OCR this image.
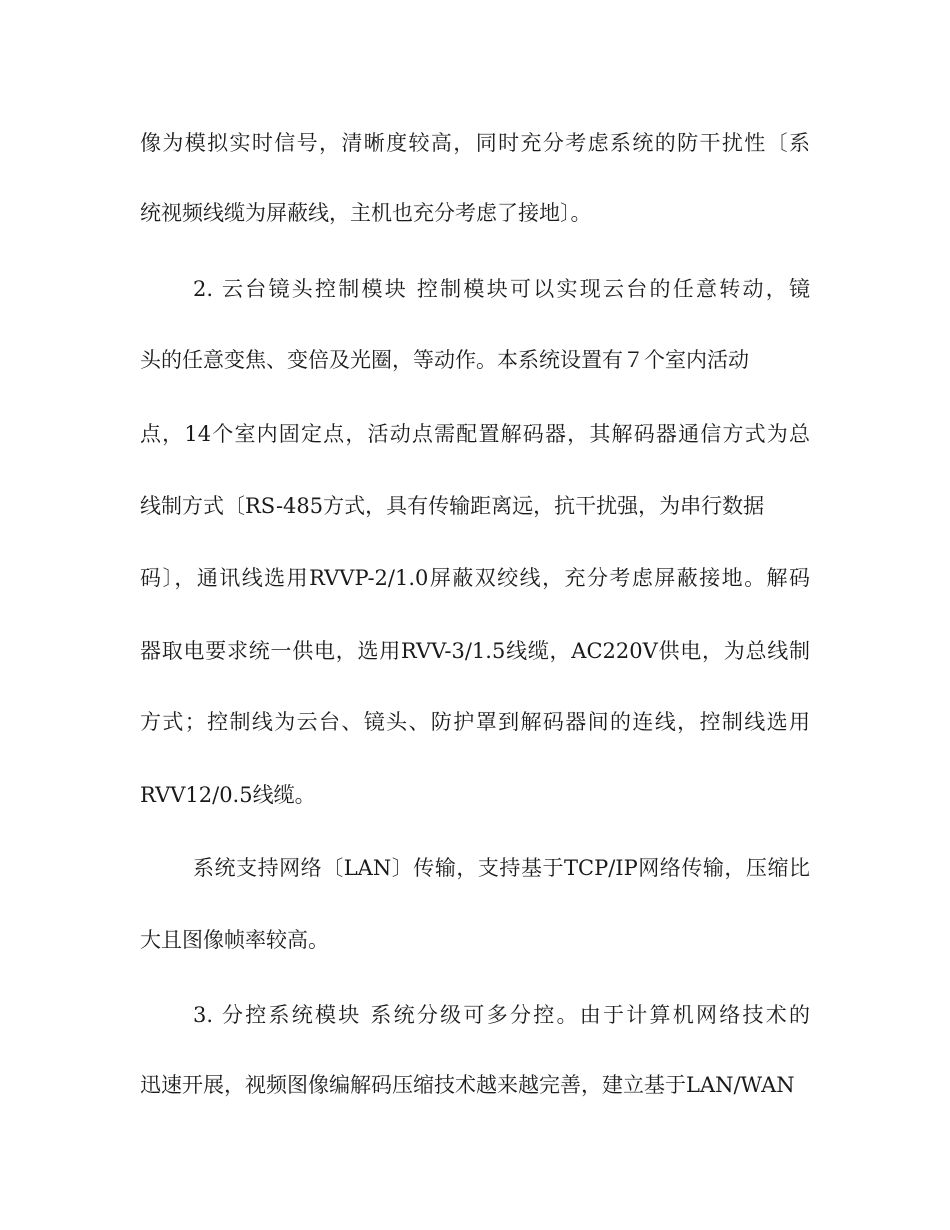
像为模拟实时信号，清晰度较高，同时充分考虑系统的防干扰性〔系
统视频线缆为屏蔽线，主机也充分考虑了接地〕。
2. 云台镜头控制模块 控制模块可以实现云台的任意转动，镜
头的任意变焦、变倍及光圈，等动作。本系统设置有７个室内活动
点，14个室内固定点，活动点需配置解码器，其解码器通信方式为总
线制方式〔RS-485方式，具有传输距离远，抗干扰强，为串行数据
码〕，通讯线选用RVVP-2/1.0屏蔽双绞线，充分考虑屏蔽接地。解码
器取电要求统一供电，选用RVV-3/1.5线缆，AC220V供电，为总线制
方式；控制线为云台、镜头、防护罩到解码器间的连线，控制线选用
RVV12/0.5线缆。
系统支持网络〔LAN〕传输，支持基于TCP/IP网络传输，压缩比
大且图像帧率较高。
3. 分控系统模块 系统分级可多分控。由于计算机网络技术的
迅速开展，视频图像编解码压缩技术越来越完善，建立基于LAN/WAN
